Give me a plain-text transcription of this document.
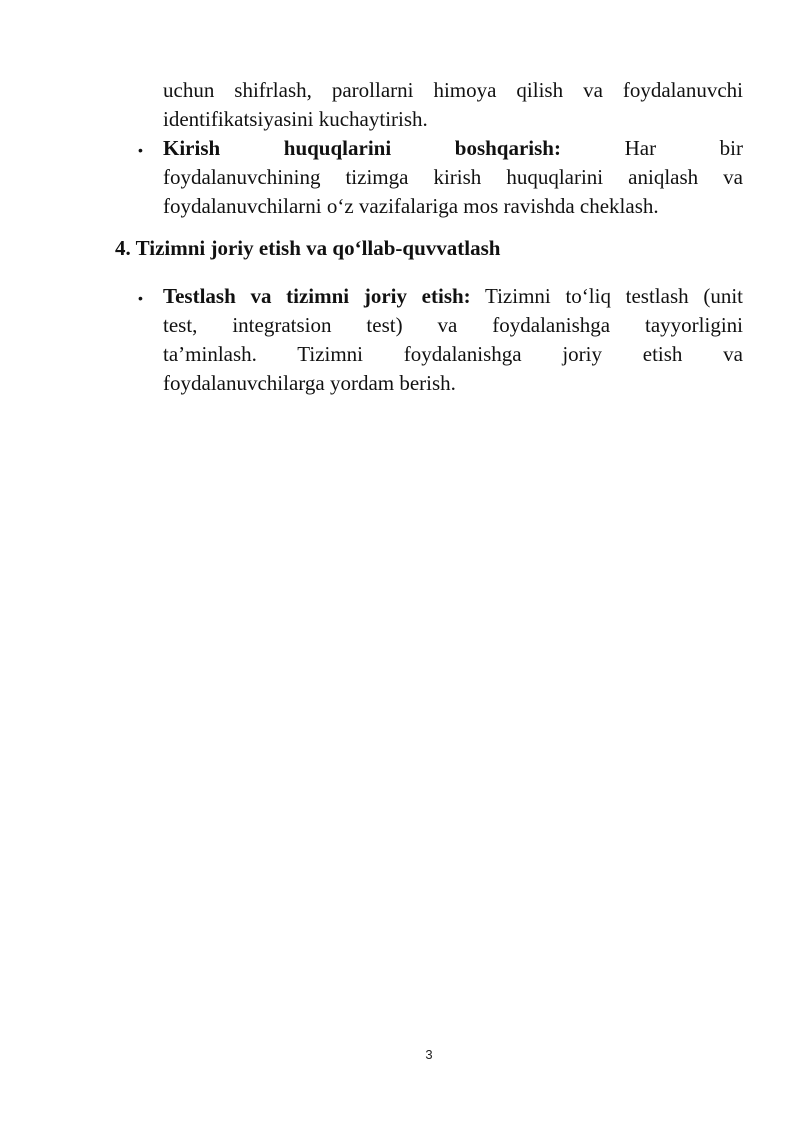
uchun shifrlash, parollarni himoya qilish va foydalanuvchi
identifikatsiyasini kuchaytirish.
• Kirish huquqlarini boshqarish:	Har bir
foydalanuvchining tizimga kirish huquqlarini aniqlash va
foydalanuvchilarni o‘z vazifalariga mos ravishda cheklash.
4. Tizimni joriy etish va qo‘llab-quvvatlash
• Testlash va tizimni joriy etish: Tizimni to‘liq testlash (unit
test, integratsion test) va foydalanishga tayyorligini
ta’minlash. Tizimni foydalanishga joriy etish va
foydalanuvchilarga yordam berish.
3
